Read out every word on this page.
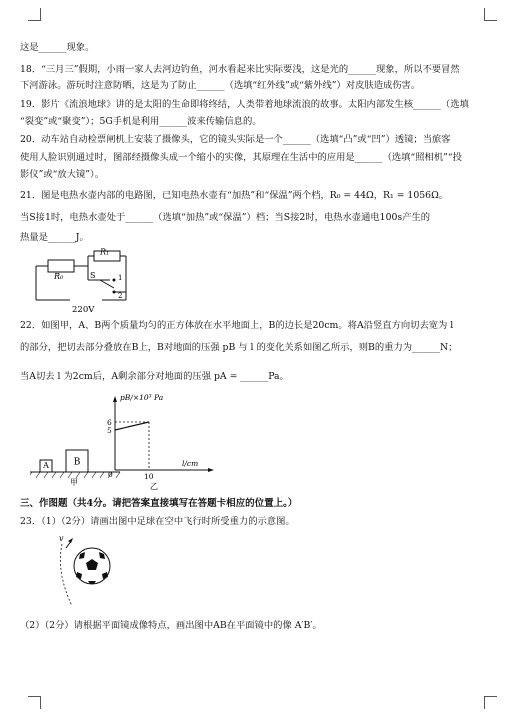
这是______现象。
18．“三月三”假期，小雨一家人去河边钓鱼，河水看起来比实际要浅，这是光的______现象，所以不要冒然
下河游泳。游玩时注意防晒，这是为了防止______（选填“红外线”或“紫外线”）对皮肤造成伤害。
19．影片《流浪地球》讲的是太阳的生命即将终结，人类带着地球流浪的故事。太阳内部发生核______（选填
“裂变”或“聚变”）；5G手机是利用______波来传输信息的。
20．动车站自动检票闸机上安装了摄像头，它的镜头实际是一个______（选填“凸”或“凹”）透镜；当旅客
使用人脸识别通过时，图部经摄像头成一个缩小的实像，其原理在生活中的应用是______（选填“照相机”“投
影仪”或“放大镜”）。
21．图是电热水壶内部的电路图，已知电热水壶有“加热”和“保温”两个档，R₀ = 44Ω，R₁ = 1056Ω。
当S接1时，电热水壶处于______（选填“加热”或“保温”）档；当S接2时，电热水壶通电100s产生的
热量是______J。
R₀
R₁
S	1
2
220V
22．如图甲，A、B两个质量均匀的正方体放在水平地面上，B的边长是20cm。将A沿竖直方向切去宽为 l
的部分，把切去部分叠放在B上，B对地面的压强 pB 与 l 的变化关系如图乙所示，则B的重力为______N；
当A切去 l 为2cm后，A剩余部分对地面的压强 pA = ______Pa。
A	B
甲
6
5
10
pB/×10³ Pa
l/cm
0
乙
三、作图题（共4分。请把答案直接填写在答题卡相应的位置上。）
23．（1）（2分）请画出图中足球在空中飞行时所受重力的示意图。
v
（2）（2分）请根据平面镜成像特点，画出图中AB在平面镜中的像 A′B′。
